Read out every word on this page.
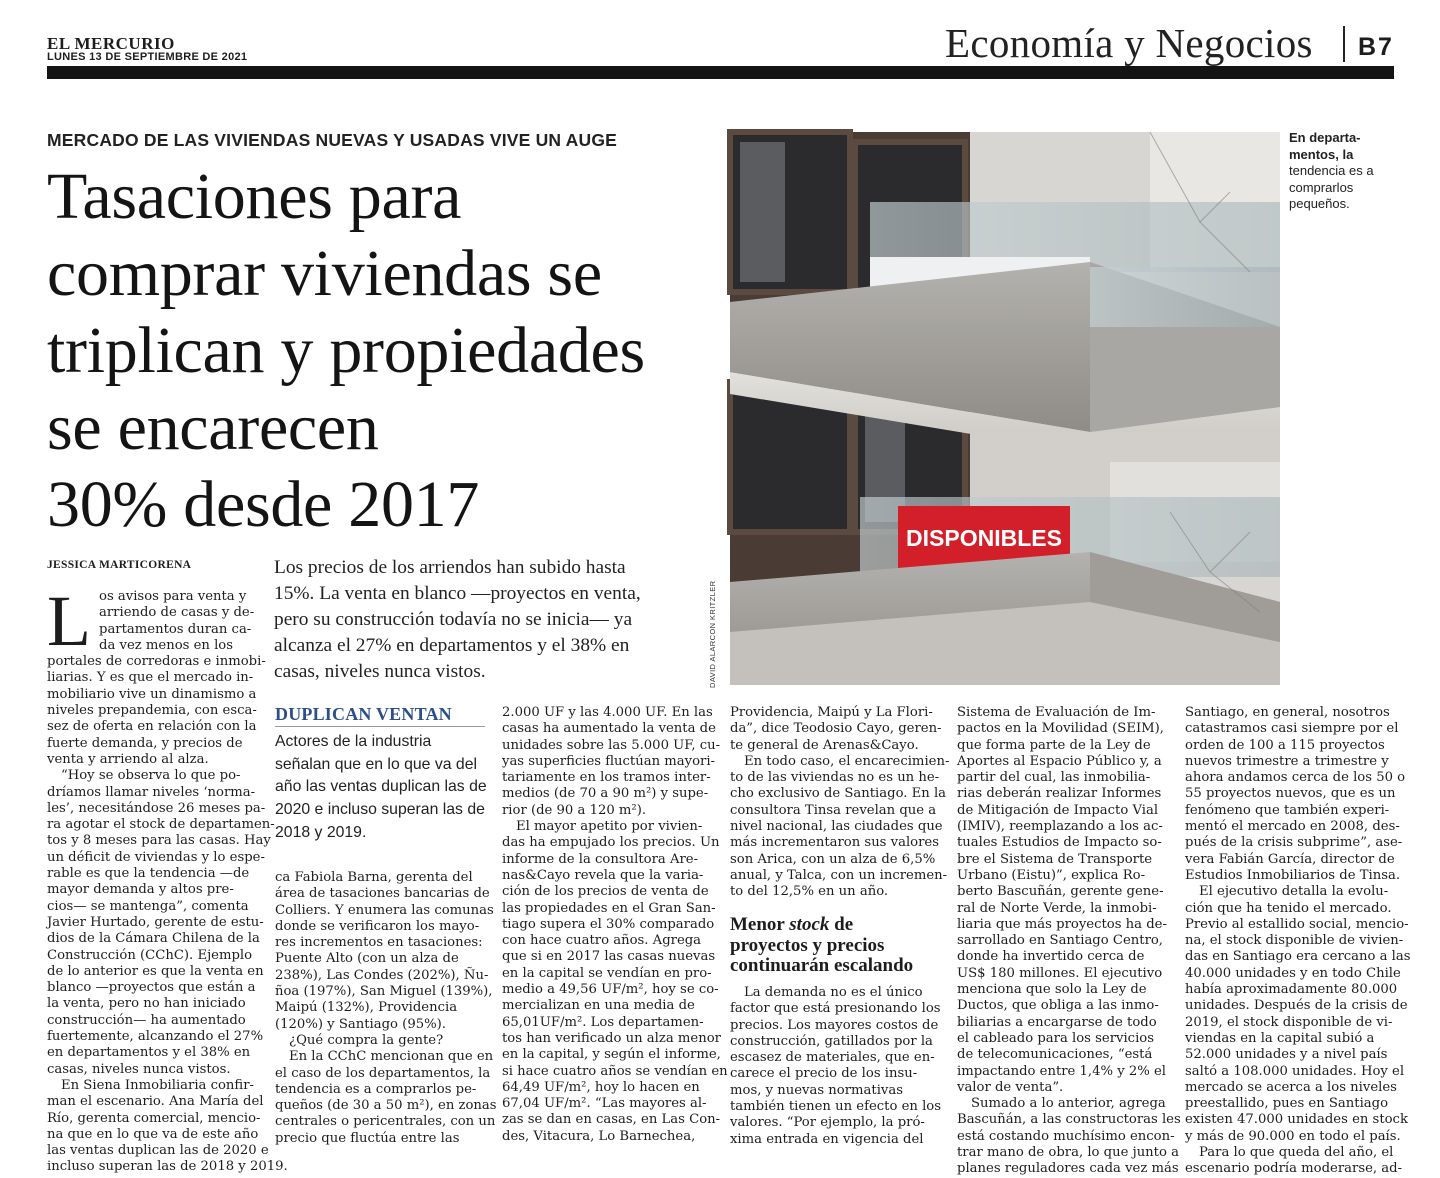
EL MERCURIO
LUNES 13 DE SEPTIEMBRE DE 2021	Economía y Negocios B7
MERCADO DE LAS VIVIENDAS NUEVAS Y USADAS VIVE UN AUGE
Tasaciones para
comprar viviendas se
triplican y propiedades
se encarecen
30% desde 2017	DISPONIBLES
En departa-
mentos, la
tendencia es a
comprarlos
pequeños.
DAVID ALARCON KRITZLER
JESSICA MARTICORENA	Los precios de los arriendos han subido hasta
15%. La venta en blanco —proyectos en venta,
pero su construcción todavía no se inicia— ya
alcanza el 27% en departamentos y el 38% en
casas, niveles nunca vistos.
L os avisos para venta y
arriendo de casas y de-
partamentos duran ca-
da vez menos en los
portales de corredoras e inmobi-
liarias. Y es que el mercado in-
mobiliario vive un dinamismo a
niveles prepandemia, con esca-
sez de oferta en relación con la
fuerte demanda, y precios de
venta y arriendo al alza.
“Hoy se observa lo que po-
dríamos llamar niveles ‘norma-
les’, necesitándose 26 meses pa-
ra agotar el stock de departamen-
tos y 8 meses para las casas. Hay
un déficit de viviendas y lo espe-
rable es que la tendencia —de
mayor demanda y altos pre-
cios— se mantenga”, comenta
Javier Hurtado, gerente de estu-
dios de la Cámara Chilena de la
Construcción (CChC). Ejemplo
de lo anterior es que la venta en
blanco —proyectos que están a
la venta, pero no han iniciado
construcción— ha aumentado
fuertemente, alcanzando el 27%
en departamentos y el 38% en
casas, niveles nunca vistos.
En Siena Inmobiliaria confir-
man el escenario. Ana María del
Río, gerenta comercial, mencio-
na que en lo que va de este año
las ventas duplican las de 2020 e
incluso superan las de 2018 y 2019.
DUPLICAN VENTAN
Actores de la industria
señalan que en lo que va del
año las ventas duplican las de
2020 e incluso superan las de
2018 y 2019.
ca Fabiola Barna, gerenta del
área de tasaciones bancarias de
Colliers. Y enumera las comunas
donde se verificaron los mayo-
res incrementos en tasaciones:
Puente Alto (con un alza de
238%), Las Condes (202%), Ñu-
ñoa (197%), San Miguel (139%),
Maipú (132%), Providencia
(120%) y Santiago (95%).
¿Qué compra la gente?
En la CChC mencionan que en
el caso de los departamentos, la
tendencia es a comprarlos pe-
queños (de 30 a 50 m²), en zonas
centrales o pericentrales, con un
precio que fluctúa entre las
2.000 UF y las 4.000 UF. En las
casas ha aumentado la venta de
unidades sobre las 5.000 UF, cu-
yas superficies fluctúan mayori-
tariamente en los tramos inter-
medios (de 70 a 90 m²) y supe-
rior (de 90 a 120 m²).
El mayor apetito por vivien-
das ha empujado los precios. Un
informe de la consultora Are-
nas&Cayo revela que la varia-
ción de los precios de venta de
las propiedades en el Gran San-
tiago supera el 30% comparado
con hace cuatro años. Agrega
que si en 2017 las casas nuevas
en la capital se vendían en pro-
medio a 49,56 UF/m², hoy se co-
mercializan en una media de
65,01UF/m². Los departamen-
tos han verificado un alza menor
en la capital, y según el informe,
si hace cuatro años se vendían en
64,49 UF/m², hoy lo hacen en
67,04 UF/m². “Las mayores al-
zas se dan en casas, en Las Con-
des, Vitacura, Lo Barnechea,
Providencia, Maipú y La Flori-
da”, dice Teodosio Cayo, geren-
te general de Arenas&Cayo.
En todo caso, el encarecimien-
to de las viviendas no es un he-
cho exclusivo de Santiago. En la
consultora Tinsa revelan que a
nivel nacional, las ciudades que
más incrementaron sus valores
son Arica, con un alza de 6,5%
anual, y Talca, con un incremen-
to del 12,5% en un año.
Menor stock de
proyectos y precios
continuarán escalando
La demanda no es el único
factor que está presionando los
precios. Los mayores costos de
construcción, gatillados por la
escasez de materiales, que en-
carece el precio de los insu-
mos, y nuevas normativas
también tienen un efecto en los
valores. “Por ejemplo, la pró-
xima entrada en vigencia del
Sistema de Evaluación de Im-
pactos en la Movilidad (SEIM),
que forma parte de la Ley de
Aportes al Espacio Público y, a
partir del cual, las inmobilia-
rias deberán realizar Informes
de Mitigación de Impacto Vial
(IMIV), reemplazando a los ac-
tuales Estudios de Impacto so-
bre el Sistema de Transporte
Urbano (Eistu)”, explica Ro-
berto Bascuñán, gerente gene-
ral de Norte Verde, la inmobi-
liaria que más proyectos ha de-
sarrollado en Santiago Centro,
donde ha invertido cerca de
US$ 180 millones. El ejecutivo
menciona que solo la Ley de
Ductos, que obliga a las inmo-
biliarias a encargarse de todo
el cableado para los servicios
de telecomunicaciones, “está
impactando entre 1,4% y 2% el
valor de venta”.
Sumado a lo anterior, agrega
Bascuñán, a las constructoras les
está costando muchísimo encon-
trar mano de obra, lo que junto a
planes reguladores cada vez más
Santiago, en general, nosotros
catastramos casi siempre por el
orden de 100 a 115 proyectos
nuevos trimestre a trimestre y
ahora andamos cerca de los 50 o
55 proyectos nuevos, que es un
fenómeno que también experi-
mentó el mercado en 2008, des-
pués de la crisis subprime”, ase-
vera Fabián García, director de
Estudios Inmobiliarios de Tinsa.
El ejecutivo detalla la evolu-
ción que ha tenido el mercado.
Previo al estallido social, mencio-
na, el stock disponible de vivien-
das en Santiago era cercano a las
40.000 unidades y en todo Chile
había aproximadamente 80.000
unidades. Después de la crisis de
2019, el stock disponible de vi-
viendas en la capital subió a
52.000 unidades y a nivel país
saltó a 108.000 unidades. Hoy el
mercado se acerca a los niveles
preestallido, pues en Santiago
existen 47.000 unidades en stock
y más de 90.000 en todo el país.
Para lo que queda del año, el
escenario podría moderarse, ad-
